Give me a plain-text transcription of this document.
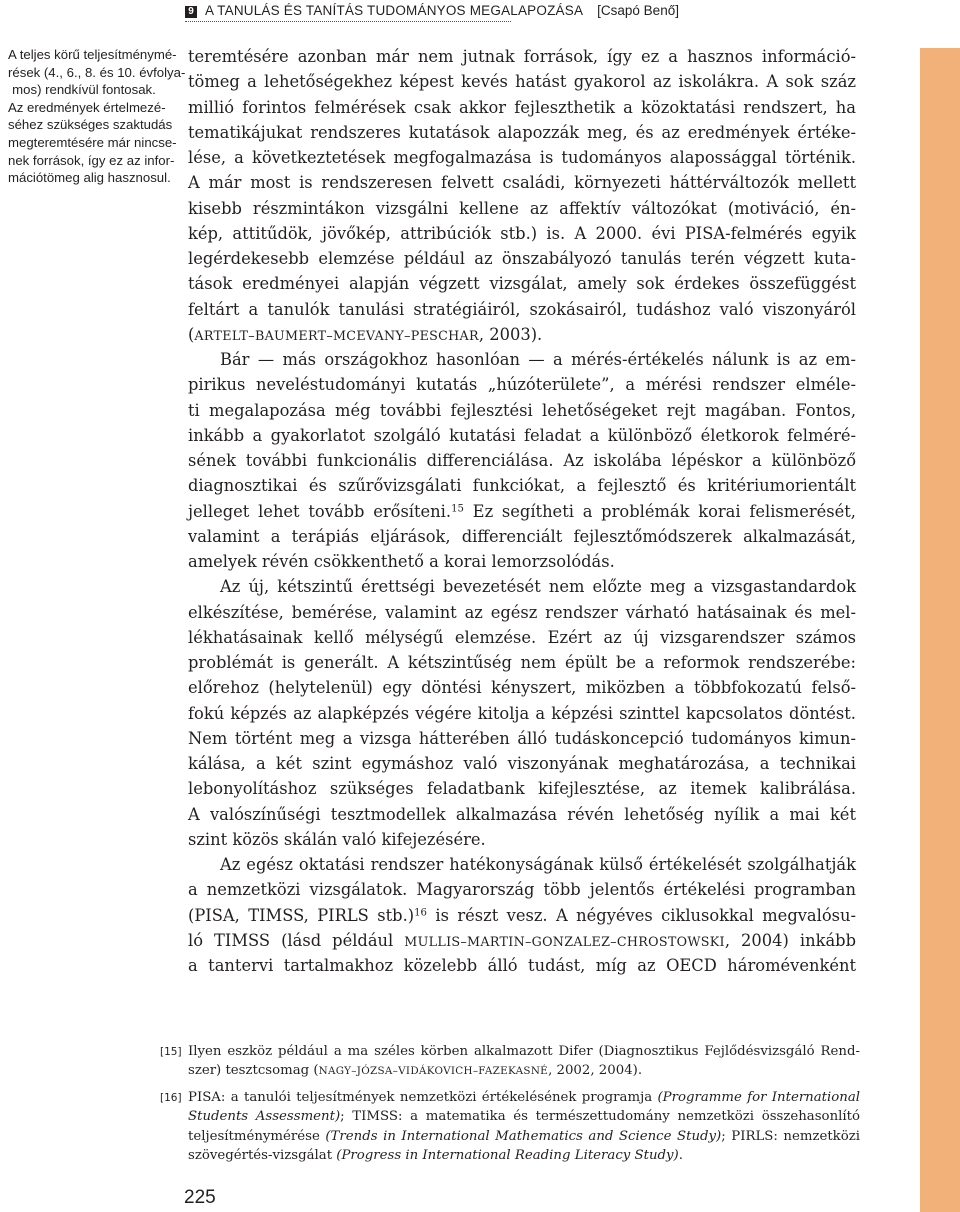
9 A TANULÁS ÉS TANÍTÁS TUDOMÁNYOS MEGALAPOZÁSA [Csapó Benő]
A teljes körű teljesítménymé-
rések (4., 6., 8. és 10. évfolya-
mos) rendkívül fontosak.
Az eredmények értelmezé-
séhez szükséges szaktudás
megteremtésére már nincse-
nek források, így ez az infor-
mációtömeg alig hasznosul.
teremtésére azonban már nem jutnak források, így ez a hasznos információ-
tömeg a lehetőségekhez képest kevés hatást gyakorol az iskolákra. A sok száz
millió forintos felmérések csak akkor fejleszthetik a közoktatási rendszert, ha
tematikájukat rendszeres kutatások alapozzák meg, és az eredmények értéke-
lése, a következtetések megfogalmazása is tudományos alapossággal történik.
A már most is rendszeresen felvett családi, környezeti háttérváltozók mellett
kisebb részmintákon vizsgálni kellene az affektív változókat (motiváció, én-
kép, attitűdök, jövőkép, attribúciók stb.) is. A 2000. évi PISA-felmérés egyik
legérdekesebb elemzése például az önszabályozó tanulás terén végzett kuta-
tások eredményei alapján végzett vizsgálat, amely sok érdekes összefüggést
feltárt a tanulók tanulási stratégiáiról, szokásairól, tudáshoz való viszonyáról
(ARTELT–BAUMERT–MCEVANY–PESCHAR, 2003).
Bár — más országokhoz hasonlóan — a mérés-értékelés nálunk is az em-
pirikus neveléstudományi kutatás „húzóterülete”, a mérési rendszer elméle-
ti megalapozása még további fejlesztési lehetőségeket rejt magában. Fontos,
inkább a gyakorlatot szolgáló kutatási feladat a különböző életkorok felméré-
sének további funkcionális differenciálása. Az iskolába lépéskor a különböző
diagnosztikai és szűrővizsgálati funkciókat, a fejlesztő és kritériumorientált
jelleget lehet tovább erősíteni.$^{15}$ Ez segítheti a problémák korai felismerését,
valamint a terápiás eljárások, differenciált fejlesztőmódszerek alkalmazását,
amelyek révén csökkenthető a korai lemorzsolódás.
Az új, kétszintű érettségi bevezetését nem előzte meg a vizsgastandardok
elkészítése, bemérése, valamint az egész rendszer várható hatásainak és mel-
lékhatásainak kellő mélységű elemzése. Ezért az új vizsgarendszer számos
problémát is generált. A kétszintűség nem épült be a reformok rendszerébe:
előrehoz (helytelenül) egy döntési kényszert, miközben a többfokozatú felső-
fokú képzés az alapképzés végére kitolja a képzési szinttel kapcsolatos döntést.
Nem történt meg a vizsga hátterében álló tudáskoncepció tudományos kimun-
kálása, a két szint egymáshoz való viszonyának meghatározása, a technikai
lebonyolításhoz szükséges feladatbank kifejlesztése, az itemek kalibrálása.
A valószínűségi tesztmodellek alkalmazása révén lehetőség nyílik a mai két
szint közös skálán való kifejezésére.
Az egész oktatási rendszer hatékonyságának külső értékelését szolgálhatják
a nemzetközi vizsgálatok. Magyarország több jelentős értékelési programban
(PISA, TIMSS, PIRLS stb.)$^{16}$ is részt vesz. A négyéves ciklusokkal megvalósu-
ló TIMSS (lásd például MULLIS–MARTIN–GONZALEZ–CHROSTOWSKI, 2004) inkább
a tantervi tartalmakhoz közelebb álló tudást, míg az OECD háromévenként
[15] Ilyen eszköz például a ma széles körben alkalmazott Difer (Diagnosztikus Fejlődésvizsgáló Rend-
szer) tesztcsomag (NAGY–JÓZSA–VIDÁKOVICH–FAZEKASNÉ, 2002, 2004).
[16] PISA: a tanulói teljesítmények nemzetközi értékelésének programja (Programme for International
Students Assessment); TIMSS: a matematika és természettudomány nemzetközi összehasonlító
teljesítménymérése (Trends in International Mathematics and Science Study); PIRLS: nemzetközi
szövegértés-vizsgálat (Progress in International Reading Literacy Study).
225
